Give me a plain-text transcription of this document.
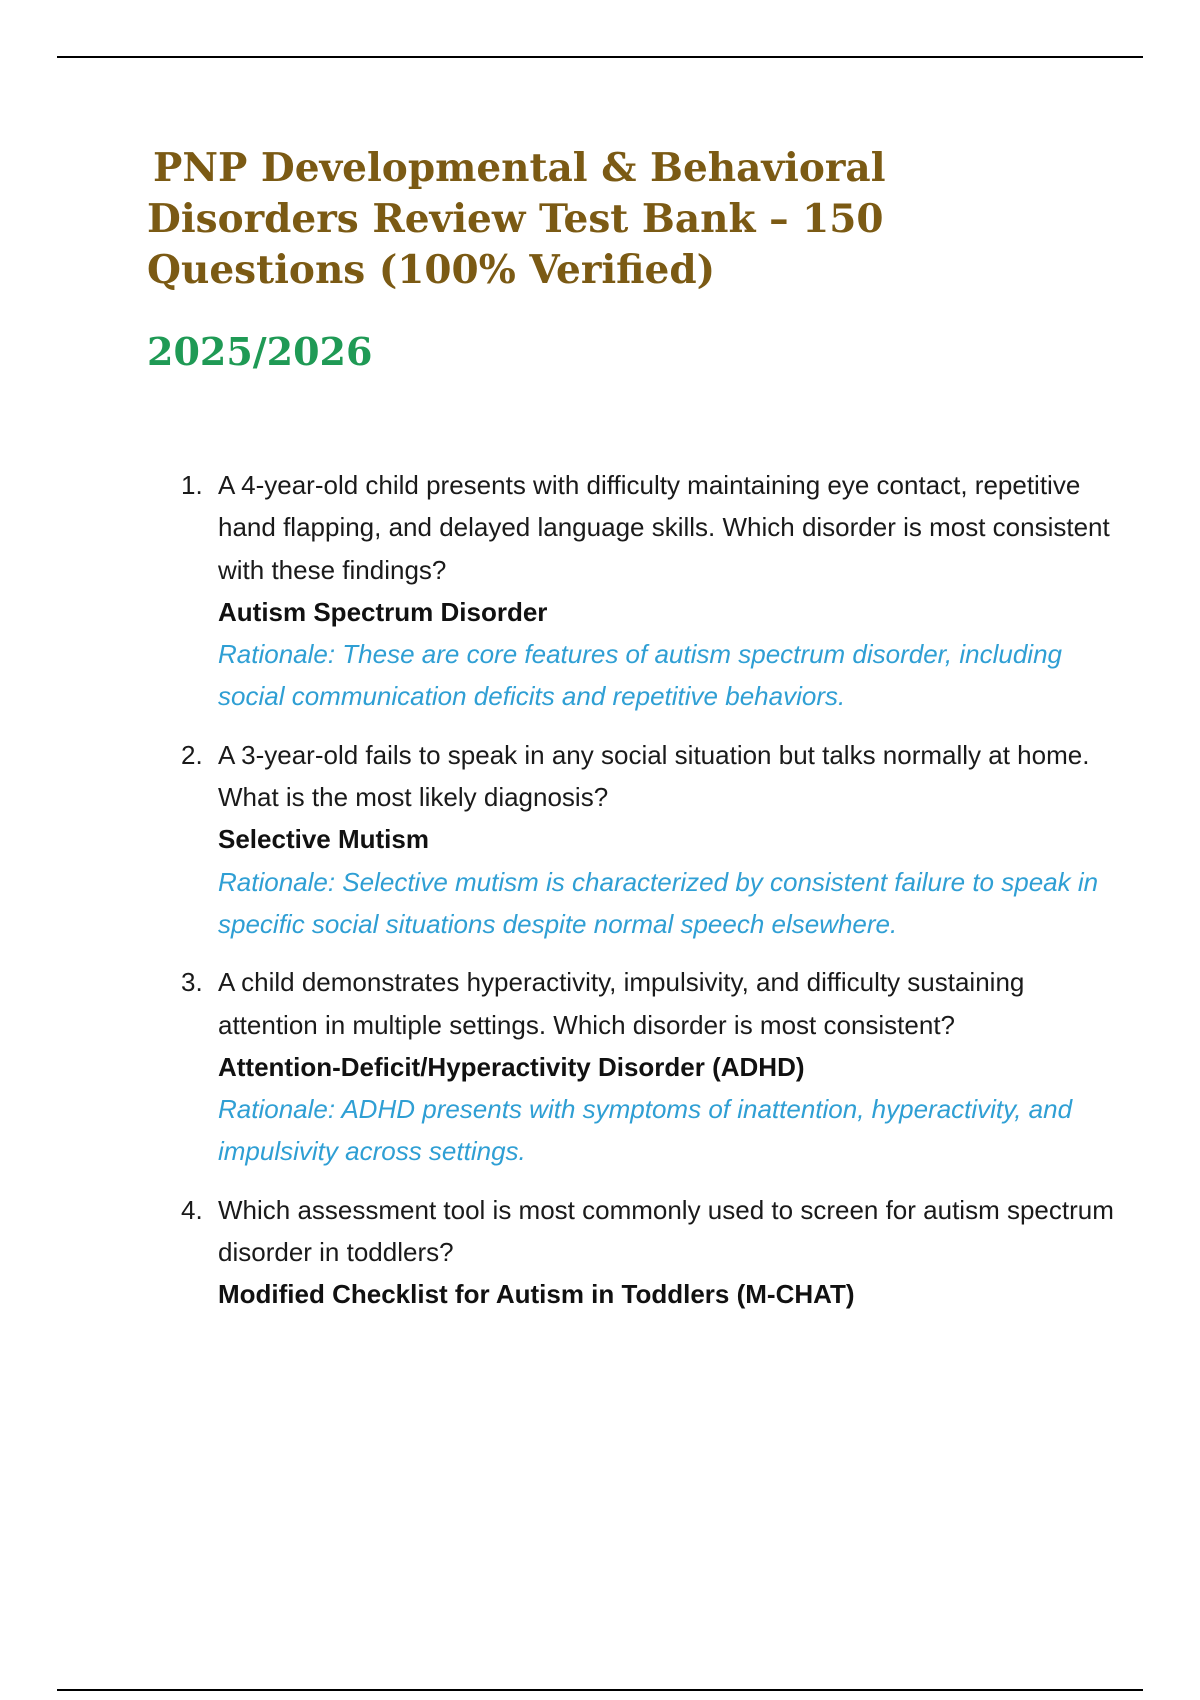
PNP Developmental & Behavioral Disorders Review Test Bank – 150 Questions (100% Verified)
2025/2026
1. A 4-year-old child presents with difficulty maintaining eye contact, repetitive hand flapping, and delayed language skills. Which disorder is most consistent with these findings?
Autism Spectrum Disorder
Rationale: These are core features of autism spectrum disorder, including social communication deficits and repetitive behaviors.
2. A 3-year-old fails to speak in any social situation but talks normally at home. What is the most likely diagnosis?
Selective Mutism
Rationale: Selective mutism is characterized by consistent failure to speak in specific social situations despite normal speech elsewhere.
3. A child demonstrates hyperactivity, impulsivity, and difficulty sustaining attention in multiple settings. Which disorder is most consistent?
Attention-Deficit/Hyperactivity Disorder (ADHD)
Rationale: ADHD presents with symptoms of inattention, hyperactivity, and impulsivity across settings.
4. Which assessment tool is most commonly used to screen for autism spectrum disorder in toddlers?
Modified Checklist for Autism in Toddlers (M-CHAT)
